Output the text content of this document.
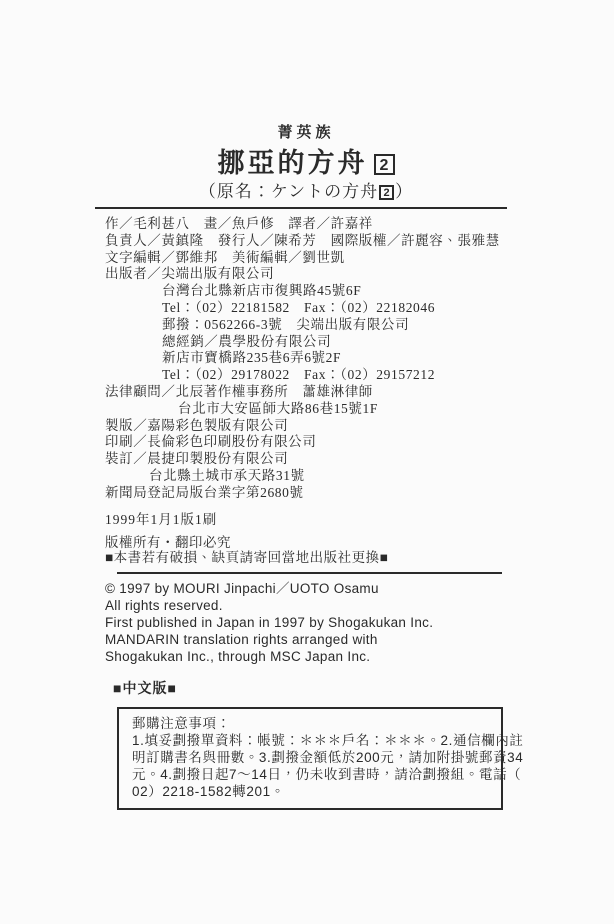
菁英族
挪亞的方舟 2
（原名：ケントの方舟 2 ）
作／毛利甚八　畫／魚戶修　譯者／許嘉祥
負責人／黃鎮隆　發行人／陳希芳　國際版權／許麗容、張雅慧
文字編輯／鄧維邦　美術編輯／劉世凱
出版者／尖端出版有限公司
台灣台北縣新店市復興路45號6F
Tel：（02）22181582　Fax：（02）22182046
郵撥：0562266-3號　尖端出版有限公司
總經銷／農學股份有限公司
新店市寶橋路235巷6弄6號2F
Tel：（02）29178022　Fax：（02）29157212
法律顧問／北辰著作權事務所　蕭雄淋律師
台北市大安區師大路86巷15號1F
製版／嘉陽彩色製版有限公司
印刷／長倫彩色印刷股份有限公司
裝訂／晨捷印製股份有限公司
台北縣土城市承天路31號
新聞局登記局版台業字第2680號
1999年1月1版1刷
版權所有・翻印必究
■本書若有破損、缺頁請寄回當地出版社更換■
© 1997 by MOURI Jinpachi／UOTO Osamu
All rights reserved.
First published in Japan in 1997 by Shogakukan Inc.
MANDARIN translation rights arranged with
Shogakukan Inc., through MSC Japan Inc.
■中文版■
郵購注意事項：
1.填妥劃撥單資料：帳號：＊＊＊戶名：＊＊＊。2.通信欄內註
明訂購書名與冊數。3.劃撥金額低於200元，請加附掛號郵資34
元。4.劃撥日起7～14日，仍未收到書時，請洽劃撥組。電話（
02）2218-1582轉201。
